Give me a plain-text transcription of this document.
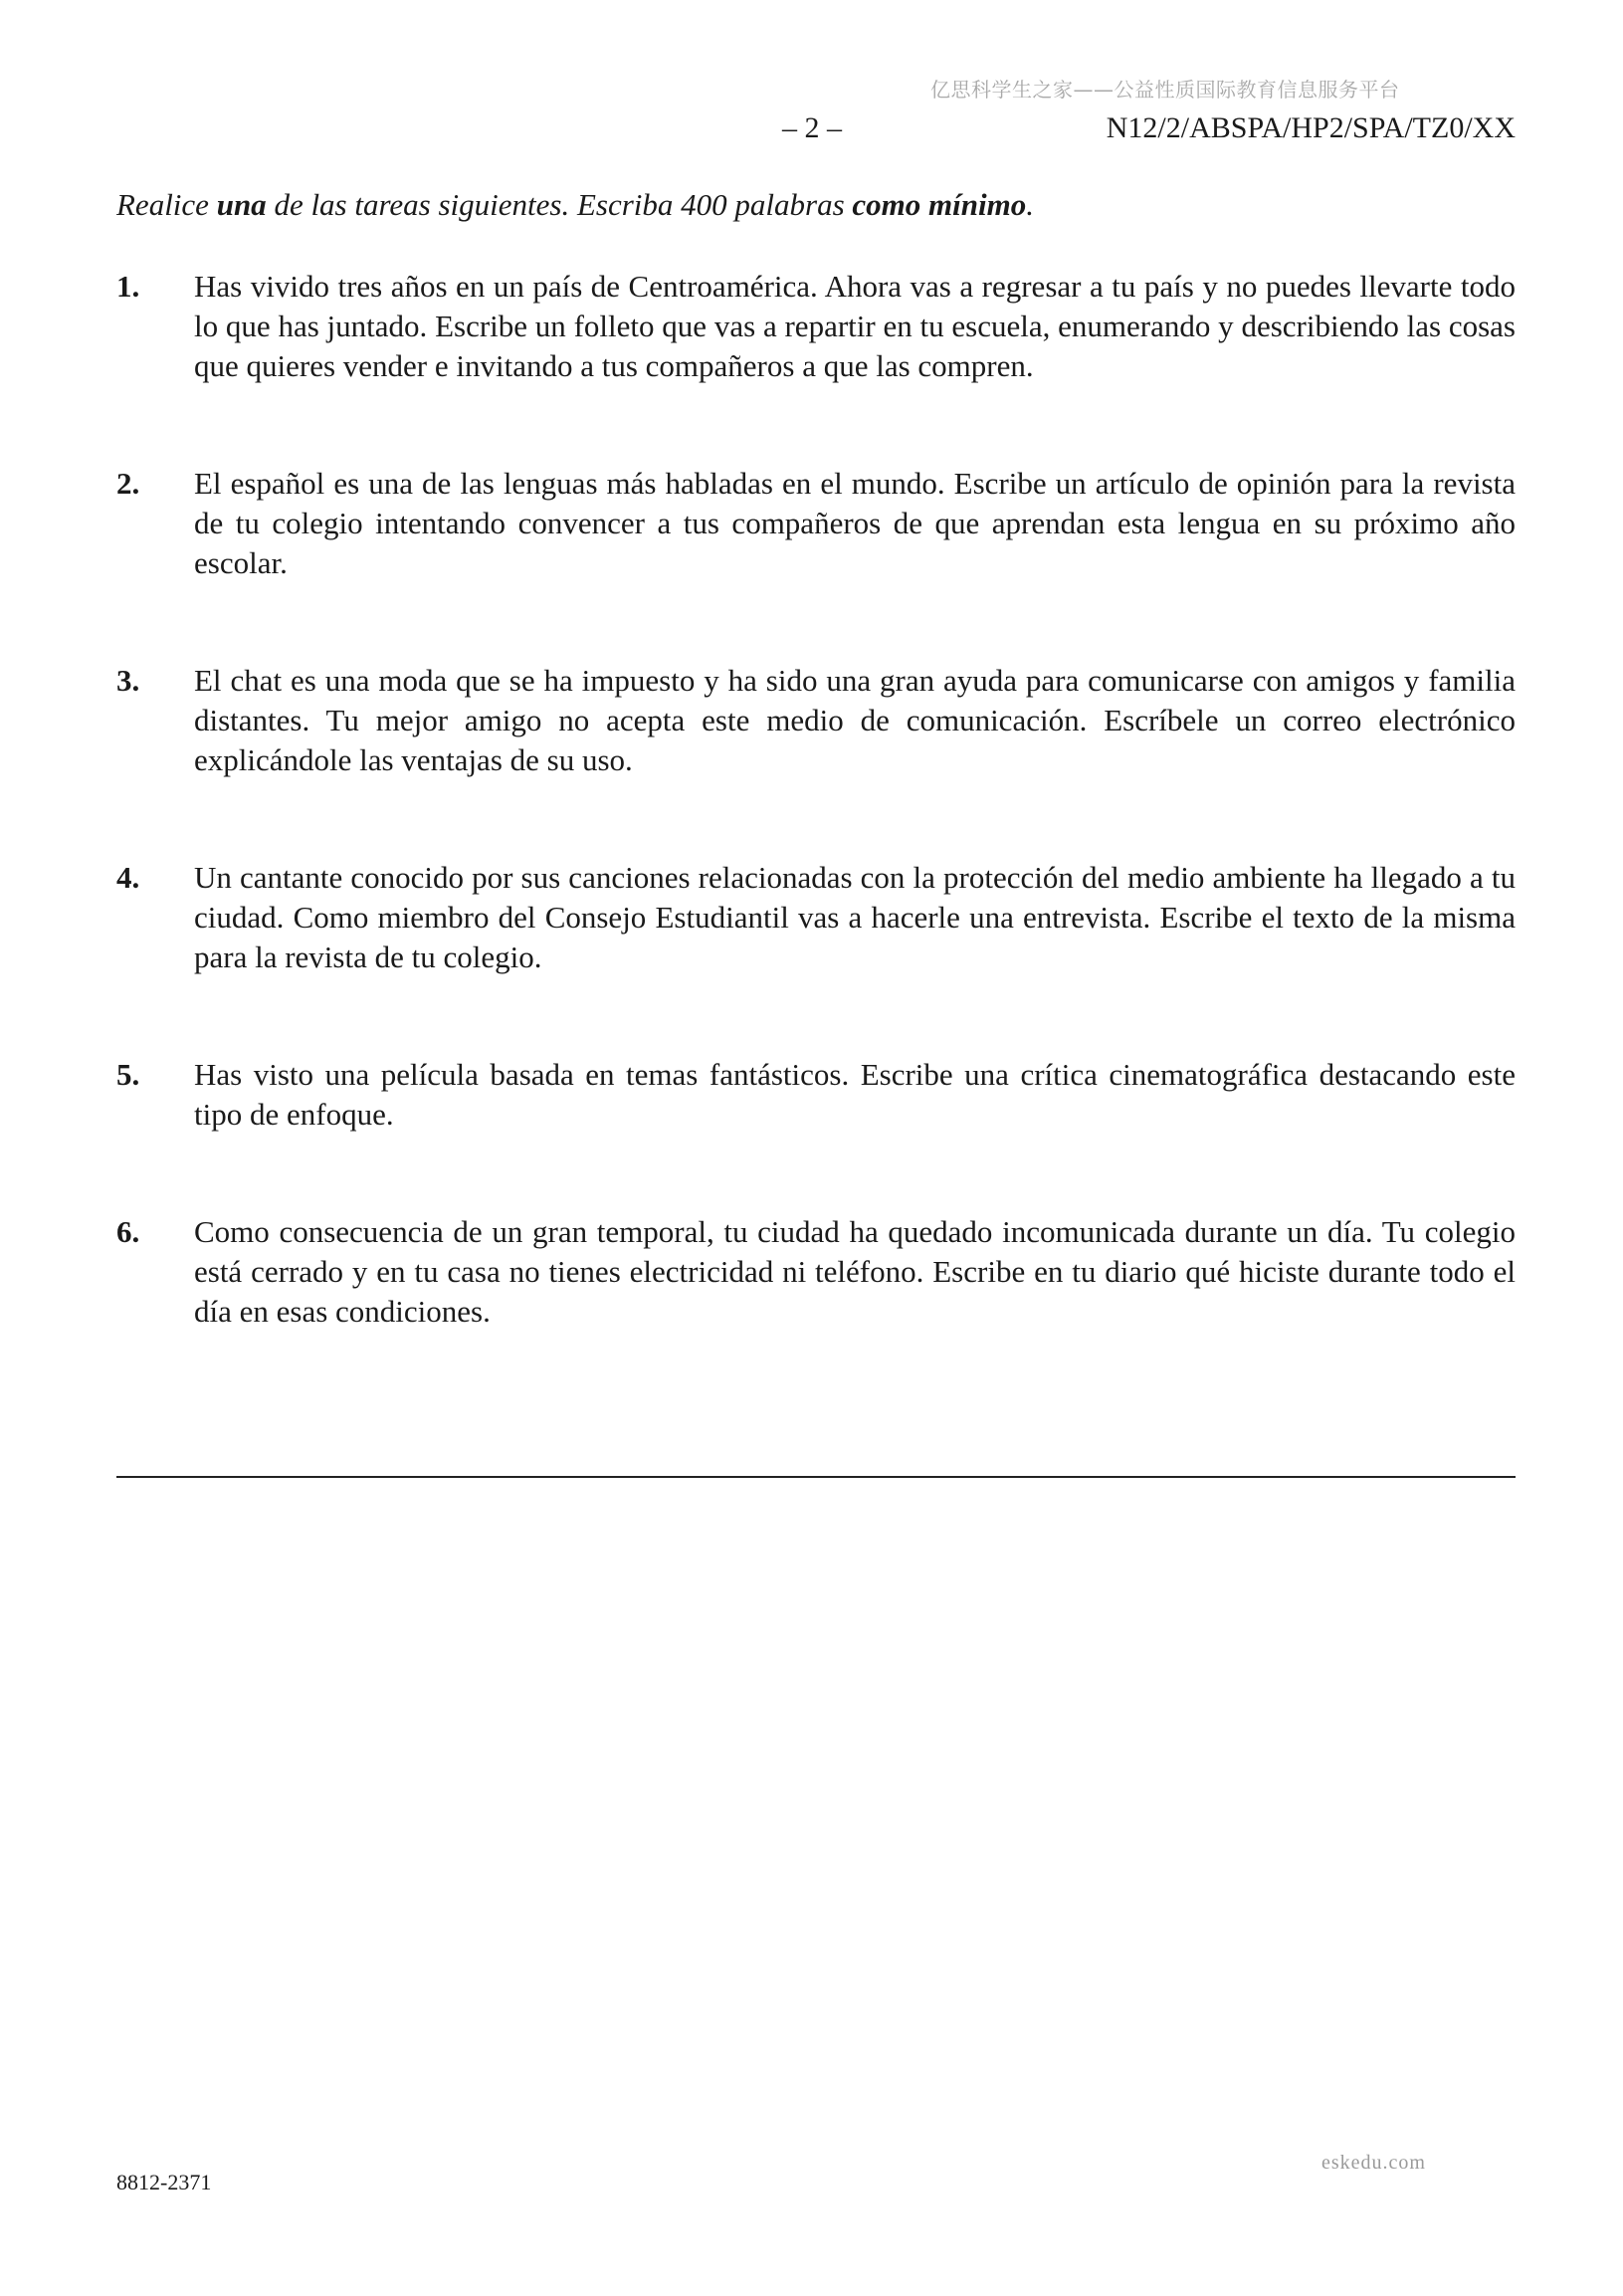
亿思科学生之家——公益性质国际教育信息服务平台
– 2 –	N12/2/ABSPA/HP2/SPA/TZ0/XX
Realice una de las tareas siguientes. Escriba 400 palabras como mínimo.
1.	Has vivido tres años en un país de Centroamérica. Ahora vas a regresar a tu país y no puedes llevarte todo lo que has juntado. Escribe un folleto que vas a repartir en tu escuela, enumerando y describiendo las cosas que quieres vender e invitando a tus compañeros a que las compren.
2.	El español es una de las lenguas más habladas en el mundo. Escribe un artículo de opinión para la revista de tu colegio intentando convencer a tus compañeros de que aprendan esta lengua en su próximo año escolar.
3.	El chat es una moda que se ha impuesto y ha sido una gran ayuda para comunicarse con amigos y familia distantes. Tu mejor amigo no acepta este medio de comunicación. Escríbele un correo electrónico explicándole las ventajas de su uso.
4.	Un cantante conocido por sus canciones relacionadas con la protección del medio ambiente ha llegado a tu ciudad. Como miembro del Consejo Estudiantil vas a hacerle una entrevista. Escribe el texto de la misma para la revista de tu colegio.
5.	Has visto una película basada en temas fantásticos. Escribe una crítica cinematográfica destacando este tipo de enfoque.
6.	Como consecuencia de un gran temporal, tu ciudad ha quedado incomunicada durante un día. Tu colegio está cerrado y en tu casa no tienes electricidad ni teléfono. Escribe en tu diario qué hiciste durante todo el día en esas condiciones.
eskedu.com
8812-2371
